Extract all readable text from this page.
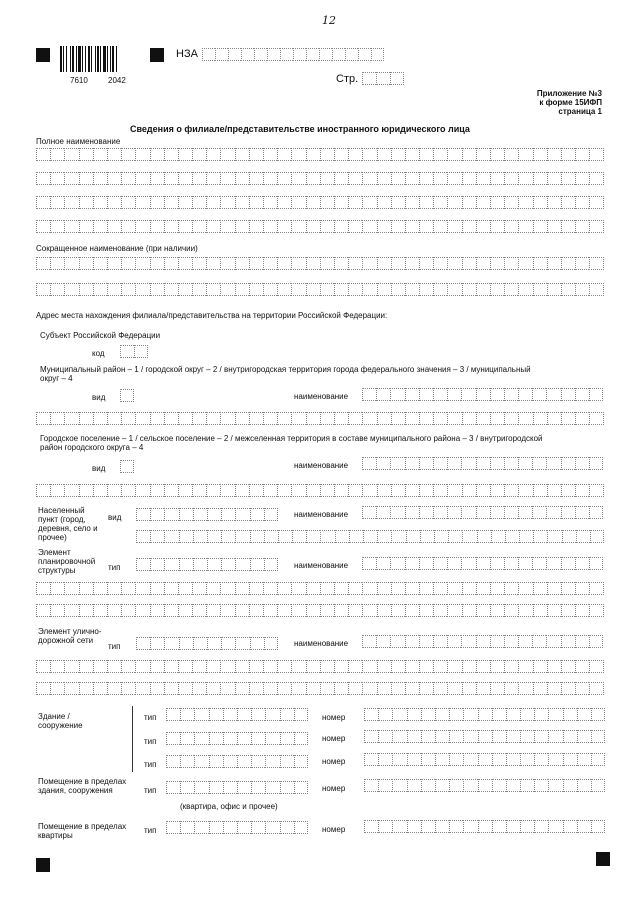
12
7610	2042
НЗА
Стр.
Приложение №3
к форме 15ИФП
страница 1
Сведения о филиале/представительстве иностранного юридического лица
Полное наименование
Сокращенное наименование (при наличии)
Адрес места нахождения филиала/представительства на территории Российской Федерации:
Субъект Российской Федерации
код
Муниципальный район – 1 / городской округ – 2 / внутригородская территория города федерального значения – 3 / муниципальный округ – 4
вид	наименование
Городское поселение – 1 / сельское поселение – 2 / межселенная территория в составе муниципального района – 3 / внутригородской район городского округа – 4
вид	наименование
Населенный пункт (город, деревня, село и прочее)
вид	наименование
Элемент планировочной структуры	тип	наименование
Элемент улично-дорожной сети
тип	наименование
Здание / сооружение
тип	номер
тип	номер
тип	номер
Помещение в пределах здания, сооружения	тип	номер
(квартира, офис и прочее)
Помещение в пределах квартиры
тип	номер
